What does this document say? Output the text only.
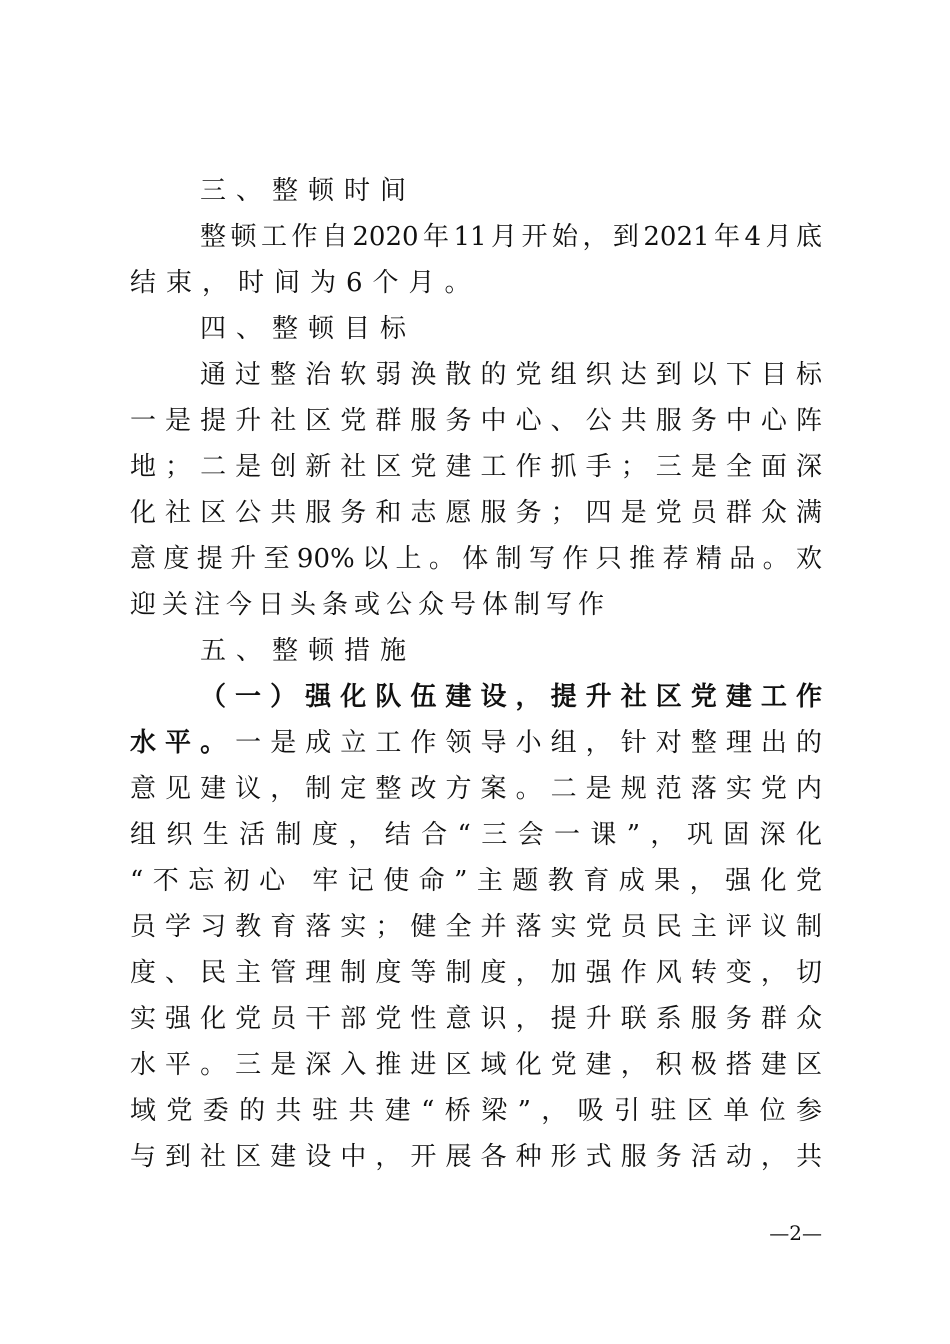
三、整顿时间
整顿工作自2020年11月开始，到2021年4月底
结束，时间为6个月。
四、整顿目标
通过整治软弱涣散的党组织达到以下目标
一是提升社区党群服务中心、公共服务中心阵
地；二是创新社区党建工作抓手；三是全面深
化社区公共服务和志愿服务；四是党员群众满
意度提升至90%以上。体制写作只推荐精品。欢
迎关注今日头条或公众号体制写作
五、整顿措施
（一）强化队伍建设，提升社区党建工作
水平。一是成立工作领导小组，针对整理出的
意见建议，制定整改方案。二是规范落实党内
组织生活制度，结合“三会一课”，巩固深化
“不忘初心 牢记使命”主题教育成果，强化党
员学习教育落实；健全并落实党员民主评议制
度、民主管理制度等制度，加强作风转变，切
实强化党员干部党性意识，提升联系服务群众
水平。三是深入推进区域化党建，积极搭建区
域党委的共驻共建“桥梁”，吸引驻区单位参
与到社区建设中，开展各种形式服务活动，共
—2—
